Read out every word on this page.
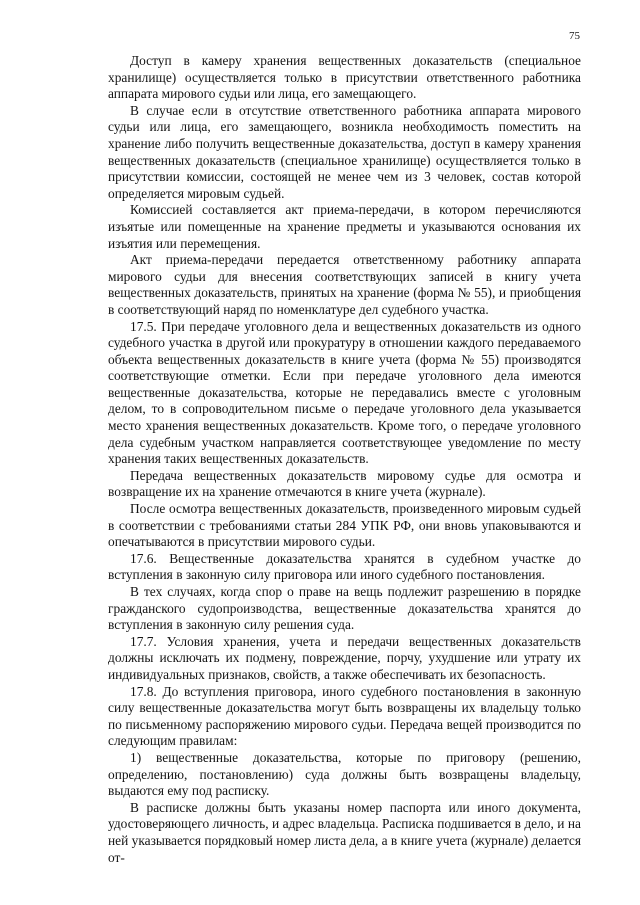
75

Доступ в камеру хранения вещественных доказательств (специальное хранилище) осуществляется только в присутствии ответственного работника аппарата мирового судьи или лица, его замещающего.

В случае если в отсутствие ответственного работника аппарата мирового судьи или лица, его замещающего, возникла необходимость поместить на хранение либо получить вещественные доказательства, доступ в камеру хранения вещественных доказательств (специальное хранилище) осуществляется только в присутствии комиссии, состоящей не менее чем из 3 человек, состав которой определяется мировым судьей.

Комиссией составляется акт приема-передачи, в котором перечисляются изъятые или помещенные на хранение предметы и указываются основания их изъятия или перемещения.

Акт приема-передачи передается ответственному работнику аппарата мирового судьи для внесения соответствующих записей в книгу учета вещественных доказательств, принятых на хранение (форма № 55), и приобщения в соответствующий наряд по номенклатуре дел судебного участка.

17.5. При передаче уголовного дела и вещественных доказательств из одного судебного участка в другой или прокуратуру в отношении каждого передаваемого объекта вещественных доказательств в книге учета (форма № 55) производятся соответствующие отметки. Если при передаче уголовного дела имеются вещественные доказательства, которые не передавались вместе с уголовным делом, то в сопроводительном письме о передаче уголовного дела указывается место хранения вещественных доказательств. Кроме того, о передаче уголовного дела судебным участком направляется соответствующее уведомление по месту хранения таких вещественных доказательств.

Передача вещественных доказательств мировому судье для осмотра и возвращение их на хранение отмечаются в книге учета (журнале).

После осмотра вещественных доказательств, произведенного мировым судьей в соответствии с требованиями статьи 284 УПК РФ, они вновь упаковываются и опечатываются в присутствии мирового судьи.

17.6. Вещественные доказательства хранятся в судебном участке до вступления в законную силу приговора или иного судебного постановления.

В тех случаях, когда спор о праве на вещь подлежит разрешению в порядке гражданского судопроизводства, вещественные доказательства хранятся до вступления в законную силу решения суда.

17.7. Условия хранения, учета и передачи вещественных доказательств должны исключать их подмену, повреждение, порчу, ухудшение или утрату их индивидуальных признаков, свойств, а также обеспечивать их безопасность.

17.8. До вступления приговора, иного судебного постановления в законную силу вещественные доказательства могут быть возвращены их владельцу только по письменному распоряжению мирового судьи. Передача вещей производится по следующим правилам:

1) вещественные доказательства, которые по приговору (решению, определению, постановлению) суда должны быть возвращены владельцу, выдаются ему под расписку.

В расписке должны быть указаны номер паспорта или иного документа, удостоверяющего личность, и адрес владельца. Расписка подшивается в дело, и на ней указывается порядковый номер листа дела, а в книге учета (журнале) делается от-
